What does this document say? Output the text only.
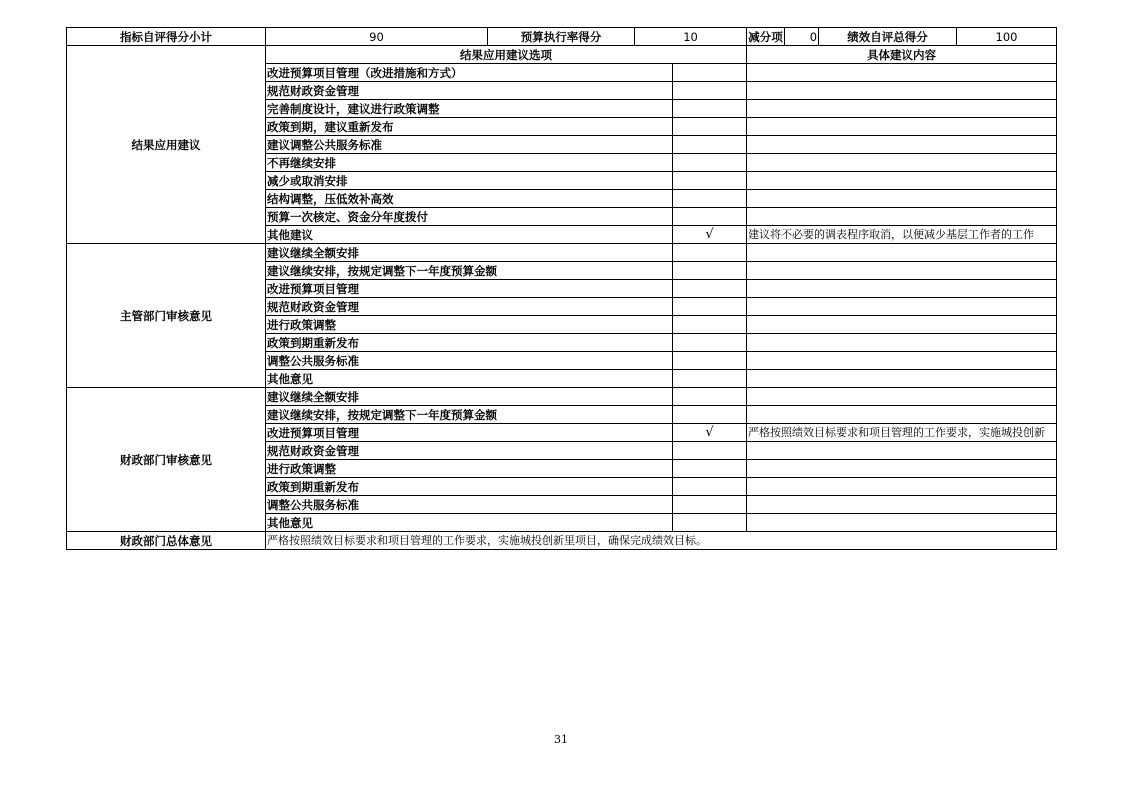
指标自评得分小计	90	预算执行率得分	10		减分项	0	绩效自评总得分	100
结果应用建议	结果应用建议选项				具体建议内容			
	改进预算项目管理（改进措施和方式）							
	规范财政资金管理							
	完善制度设计，建议进行政策调整							
	政策到期，建议重新发布							
	建议调整公共服务标准							
	不再继续安排							
	减少或取消安排							
	结构调整，压低效补高效							
	预算一次核定、资金分年度拨付							
	其他建议			√	建议将不必要的调表程序取消，以便减少基层工作者的工作			
主管部门审核意见	建议继续全额安排							
	建议继续安排，按规定调整下一年度预算金额							
	改进预算项目管理							
	规范财政资金管理							
	进行政策调整							
	政策到期重新发布							
	调整公共服务标准							
	其他意见							
财政部门审核意见	建议继续全额安排							
	建议继续安排，按规定调整下一年度预算金额							
	改进预算项目管理			√	严格按照绩效目标要求和项目管理的工作要求，实施城投创新			
	规范财政资金管理							
	进行政策调整							
	政策到期重新发布							
	调整公共服务标准							
	其他意见							
财政部门总体意见	严格按照绩效目标要求和项目管理的工作要求，实施城投创新里项目，确保完成绩效目标。							
31
